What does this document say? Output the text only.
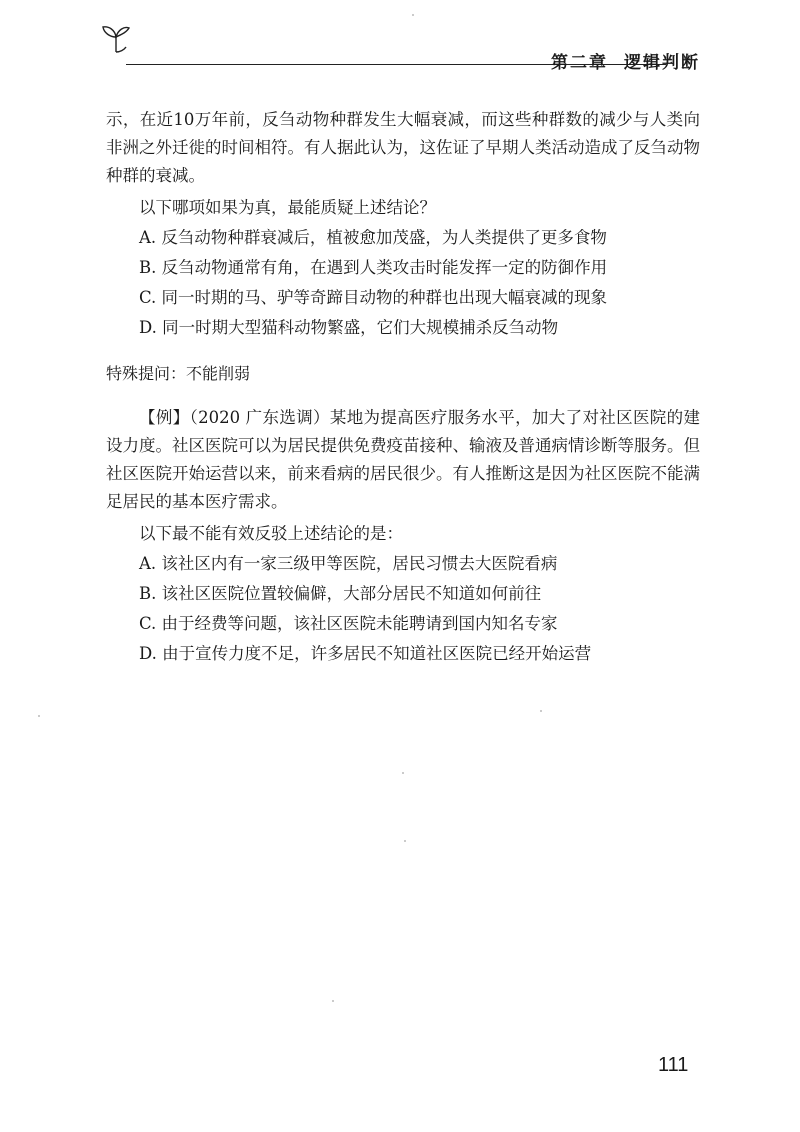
第二章 逻辑判断

示，在近10万年前，反刍动物种群发生大幅衰减，而这些种群数的减少与人类向非洲之外迁徙的时间相符。有人据此认为，这佐证了早期人类活动造成了反刍动物种群的衰减。

以下哪项如果为真，最能质疑上述结论？

A. 反刍动物种群衰减后，植被愈加茂盛，为人类提供了更多食物

B. 反刍动物通常有角，在遇到人类攻击时能发挥一定的防御作用

C. 同一时期的马、驴等奇蹄目动物的种群也出现大幅衰减的现象

D. 同一时期大型猫科动物繁盛，它们大规模捕杀反刍动物

特殊提问：不能削弱

【例】（2020 广东选调）某地为提高医疗服务水平，加大了对社区医院的建设力度。社区医院可以为居民提供免费疫苗接种、输液及普通病情诊断等服务。但社区医院开始运营以来，前来看病的居民很少。有人推断这是因为社区医院不能满足居民的基本医疗需求。

以下最不能有效反驳上述结论的是：

A. 该社区内有一家三级甲等医院，居民习惯去大医院看病

B. 该社区医院位置较偏僻，大部分居民不知道如何前往

C. 由于经费等问题，该社区医院未能聘请到国内知名专家

D. 由于宣传力度不足，许多居民不知道社区医院已经开始运营

111
